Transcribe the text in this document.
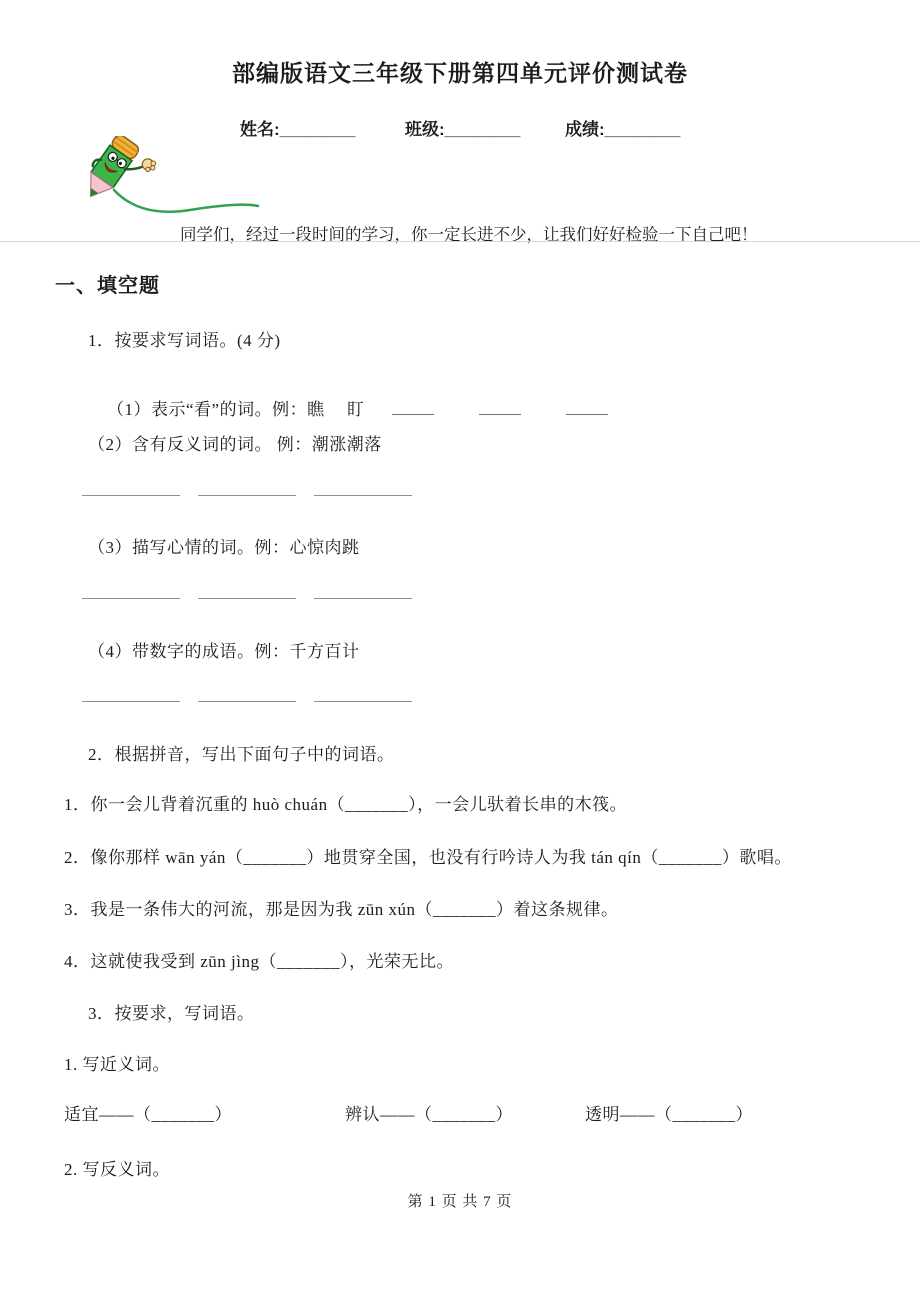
部编版语文三年级下册第四单元评价测试卷
姓名:________	班级:________	成绩:________
同学们，经过一段时间的学习，你一定长进不少，让我们好好检验一下自己吧！
一、填空题
1．按要求写词语。(4 分)

（1）表示“看”的词。例：瞧　 盯

（2）含有反义词的词。 例：潮涨潮落
（3）描写心情的词。例：心惊肉跳
（4）带数字的成语。例：千方百计
2．根据拼音，写出下面句子中的词语。
1．你一会儿背着沉重的 huò chuán（_______），一会儿驮着长串的木筏。
2．像你那样 wān yán（_______）地贯穿全国，也没有行吟诗人为我 tán qín（_______）歌唱。
3．我是一条伟大的河流，那是因为我 zūn xún（_______）着这条规律。
4．这就使我受到 zūn jìng（_______），光荣无比。
3．按要求，写词语。
1. 写近义词。
适宜——（_______）	辨认——（_______）	透明——（_______）
2. 写反义词。
第 1 页 共 7 页
